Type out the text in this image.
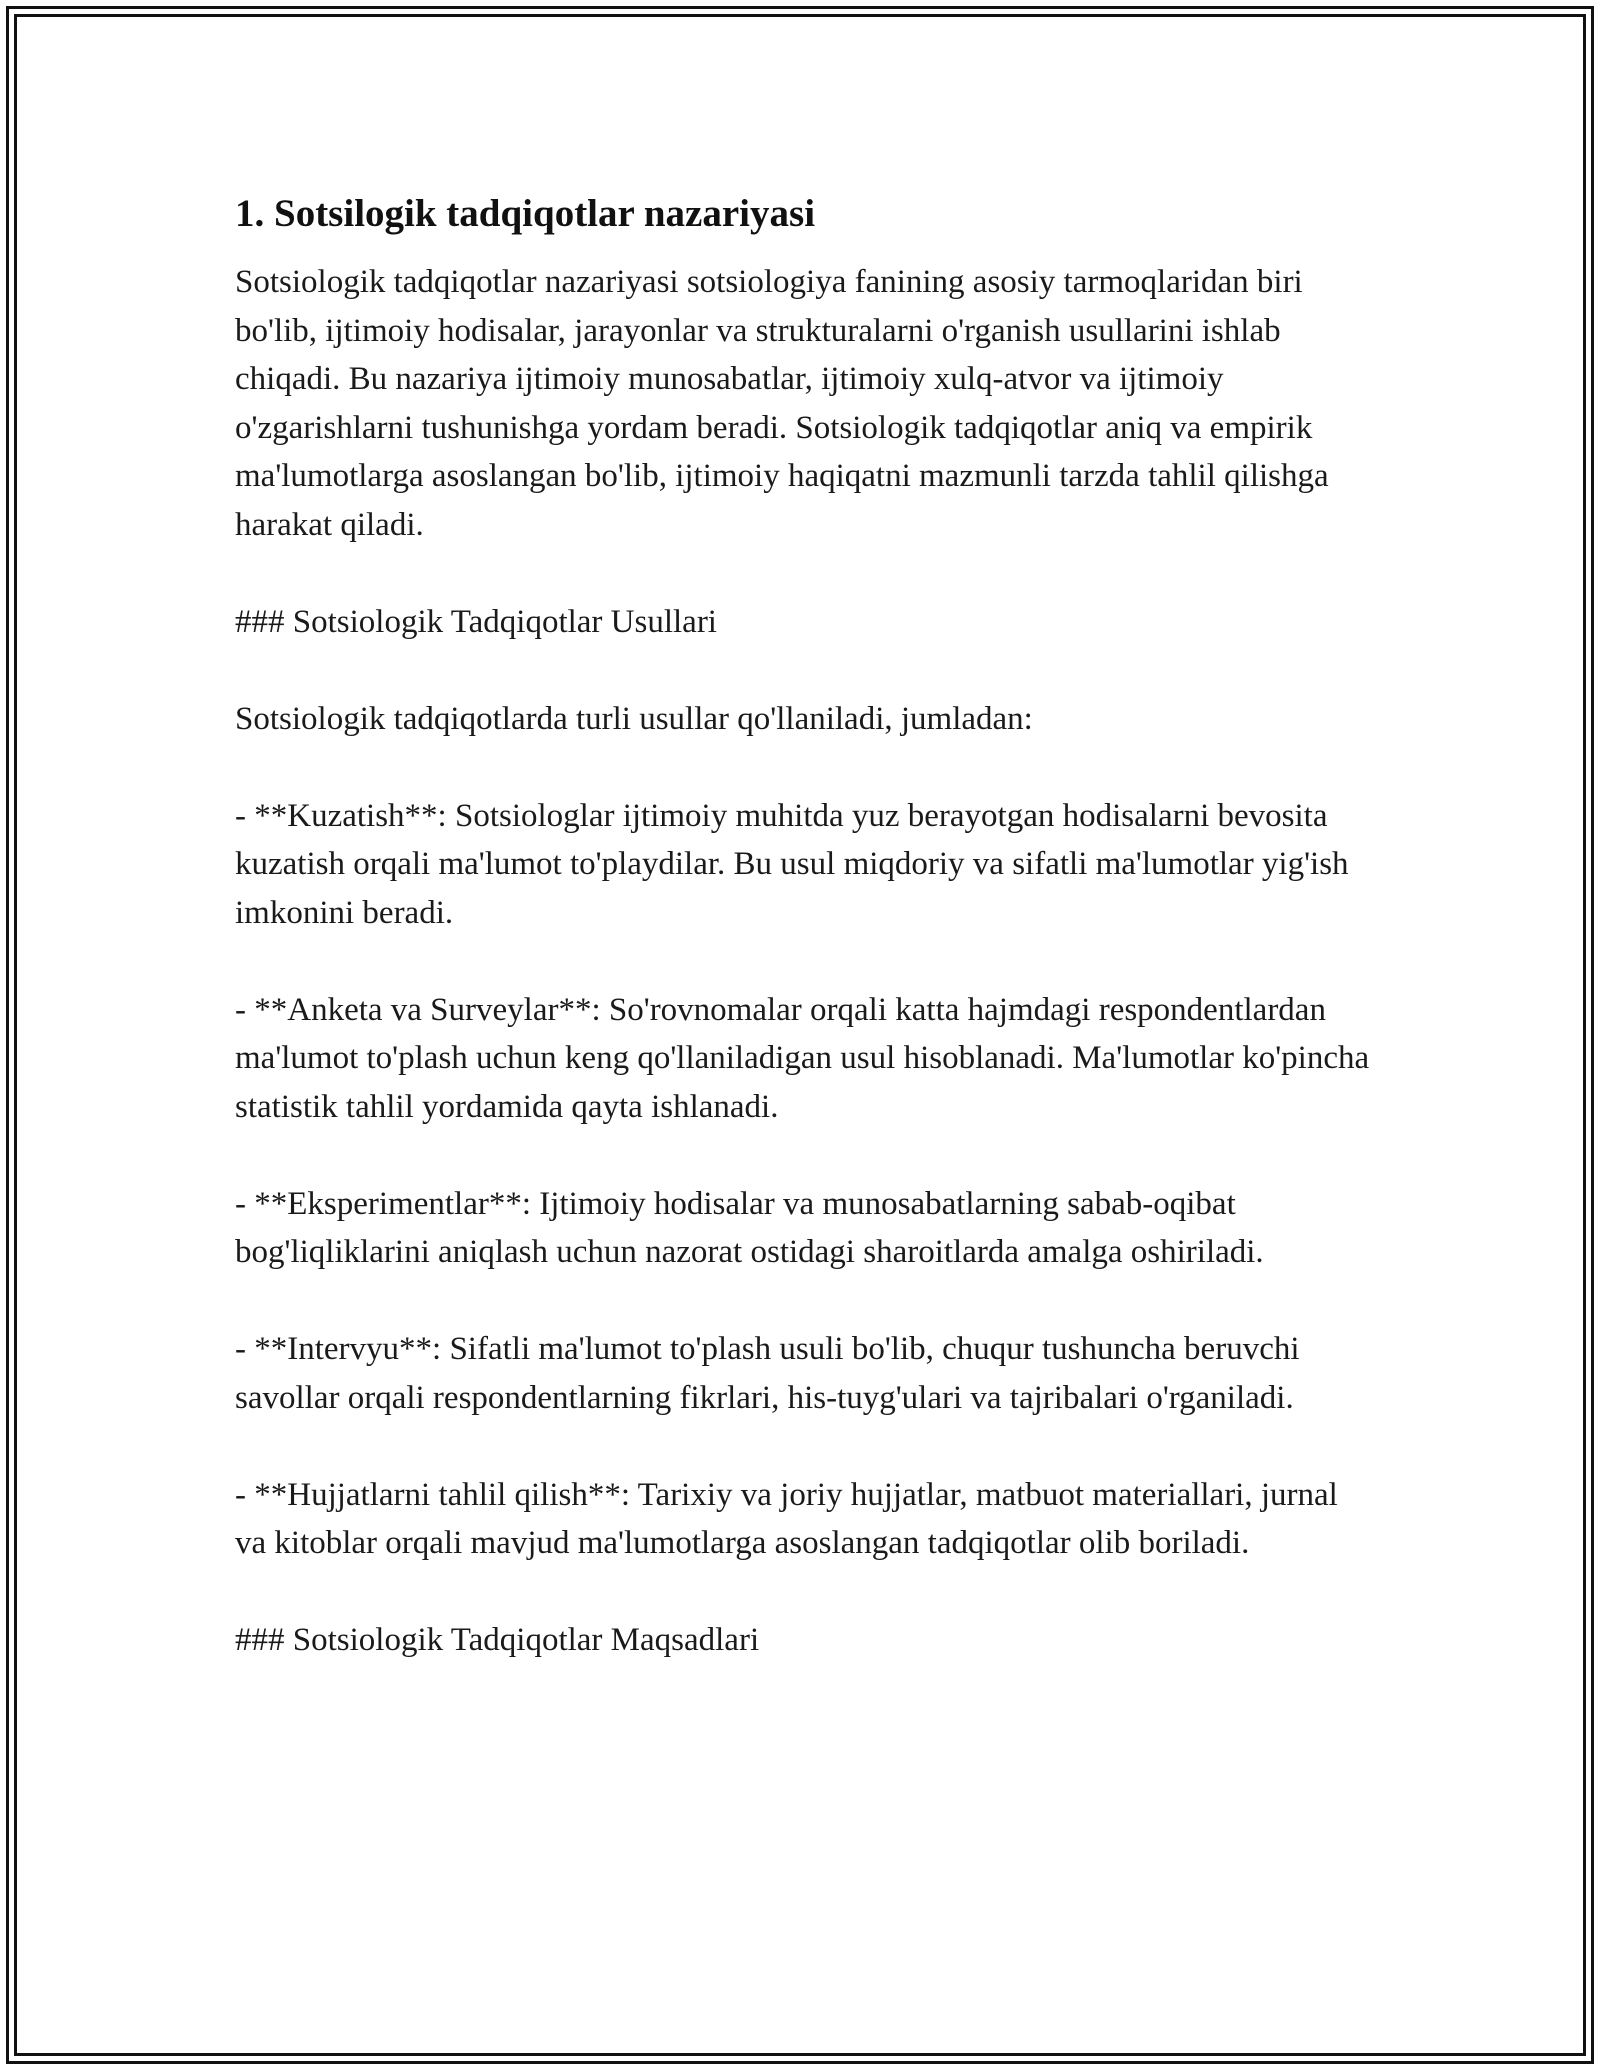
1. Sotsilogik tadqiqotlar nazariyasi

Sotsiologik tadqiqotlar nazariyasi sotsiologiya fanining asosiy tarmoqlaridan biri bo'lib, ijtimoiy hodisalar, jarayonlar va strukturalarni o'rganish usullarini ishlab chiqadi. Bu nazariya ijtimoiy munosabatlar, ijtimoiy xulq-atvor va ijtimoiy o'zgarishlarni tushunishga yordam beradi. Sotsiologik tadqiqotlar aniq va empirik ma'lumotlarga asoslangan bo'lib, ijtimoiy haqiqatni mazmunli tarzda tahlil qilishga harakat qiladi.

### Sotsiologik Tadqiqotlar Usullari

Sotsiologik tadqiqotlarda turli usullar qo'llaniladi, jumladan:

- **Kuzatish**: Sotsiologlar ijtimoiy muhitda yuz berayotgan hodisalarni bevosita kuzatish orqali ma'lumot to'playdilar. Bu usul miqdoriy va sifatli ma'lumotlar yig'ish imkonini beradi.

- **Anketa va Surveylar**: So'rovnomalar orqali katta hajmdagi respondentlardan ma'lumot to'plash uchun keng qo'llaniladigan usul hisoblanadi. Ma'lumotlar ko'pincha statistik tahlil yordamida qayta ishlanadi.

- **Eksperimentlar**: Ijtimoiy hodisalar va munosabatlarning sabab-oqibat bog'liqliklarini aniqlash uchun nazorat ostidagi sharoitlarda amalga oshiriladi.

- **Intervyu**: Sifatli ma'lumot to'plash usuli bo'lib, chuqur tushuncha beruvchi savollar orqali respondentlarning fikrlari, his-tuyg'ulari va tajribalari o'rganiladi.

- **Hujjatlarni tahlil qilish**: Tarixiy va joriy hujjatlar, matbuot materiallari, jurnal va kitoblar orqali mavjud ma'lumotlarga asoslangan tadqiqotlar olib boriladi.

### Sotsiologik Tadqiqotlar Maqsadlari
